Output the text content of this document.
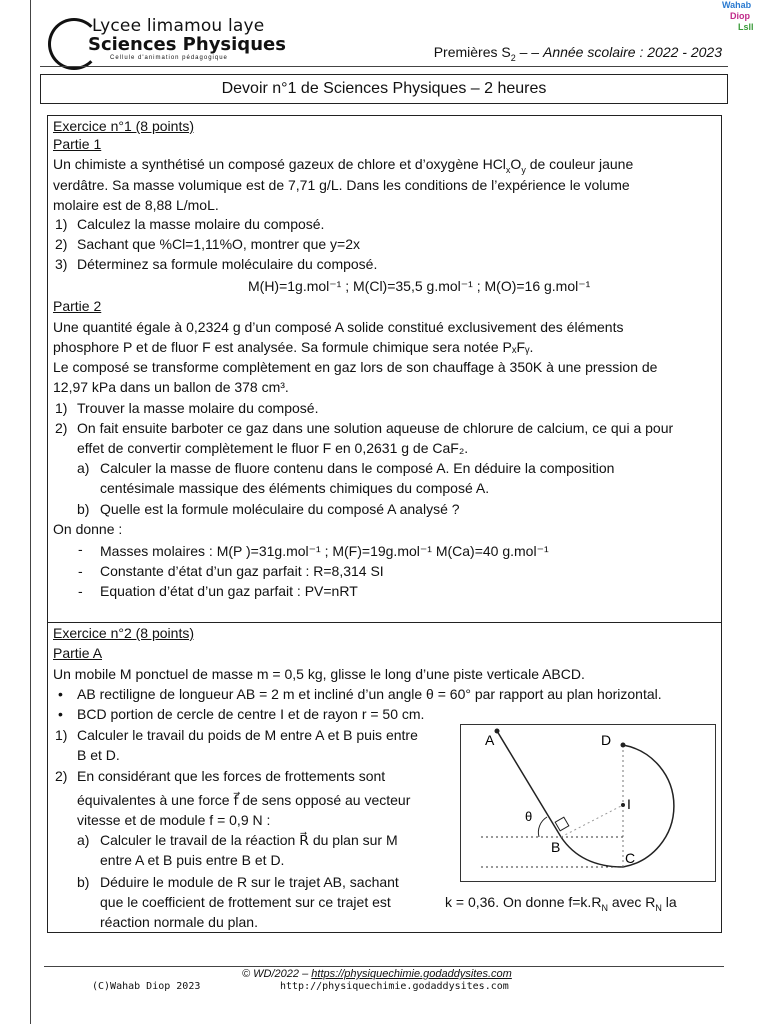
Lycee limamou laye
Sciences Physiques
Cellule d'animation pédagogique	Premières $S_2$ – – Année scolaire : 2022 - 2023
Wahab
Diop
Lsll
Devoir n°1 de Sciences Physiques – 2 heures
Exercice n°1 (8 points)
Partie 1
Un chimiste a synthétisé un composé gazeux de chlore et d’oxygène $HCl_xO_y$ de couleur jaune
verdâtre. Sa masse volumique est de 7,71 g/L. Dans les conditions de l’expérience le volume
molaire est de 8,88 L/moL.
1) Calculez la masse molaire du composé.
2) Sachant que %Cl=1,11%O, montrer que y=2x
3) Déterminez sa formule moléculaire du composé.
M(H)=1g.mol⁻¹ ; M(Cl)=35,5 g.mol⁻¹ ; M(O)=16 g.mol⁻¹
Partie 2
Une quantité égale à 0,2324 g d’un composé A solide constitué exclusivement des éléments
phosphore P et de fluor F est analysée. Sa formule chimique sera notée PₓFᵧ.
Le composé se transforme complètement en gaz lors de son chauffage à 350K à une pression de
12,97 kPa dans un ballon de 378 cm³.
1) Trouver la masse molaire du composé.
2) On fait ensuite barboter ce gaz dans une solution aqueuse de chlorure de calcium, ce qui a pour
effet de convertir complètement le fluor F en 0,2631 g de CaF₂.
a) Calculer la masse de fluore contenu dans le composé A. En déduire la composition
centésimale massique des éléments chimiques du composé A.
b) Quelle est la formule moléculaire du composé A analysé ?
On donne :
- Masses molaires : M(P )=31g.mol⁻¹ ; M(F)=19g.mol⁻¹ M(Ca)=40 g.mol⁻¹
- Constante d’état d’un gaz parfait : R=8,314 SI
- Equation d’état d’un gaz parfait : PV=nRT
Exercice n°2 (8 points)
Partie A
Un mobile M ponctuel de masse m = 0,5 kg, glisse le long d’une piste verticale ABCD.
• AB rectiligne de longueur AB = 2 m et incliné d’un angle θ = 60° par rapport au plan horizontal.
• BCD portion de cercle de centre I et de rayon r = 50 cm.
1) Calculer le travail du poids de M entre A et B puis entre
B et D.
2) En considérant que les forces de frottements sont
équivalentes à une force f⃗ de sens opposé au vecteur
vitesse et de module f = 0,9 N :
a) Calculer le travail de la réaction R⃗ du plan sur M
entre A et B puis entre B et D.
b) Déduire le module de R sur le trajet AB, sachant
que le coefficient de frottement sur ce trajet est	k = 0,36. On donne $f=k.R_N$ avec $R_N$ la
réaction normale du plan.
A	D
I
B
C
θ
© WD/2022 – https://physiquechimie.godaddysites.com
(C)Wahab Diop 2023	http://physiquechimie.godaddysites.com
